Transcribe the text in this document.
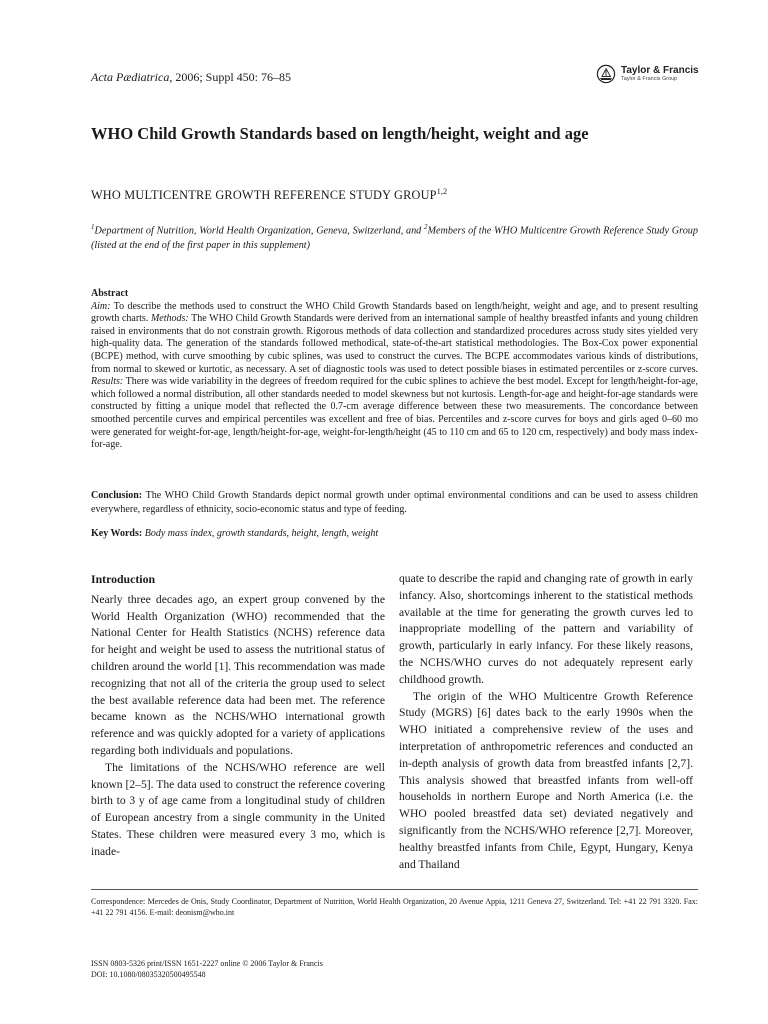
Acta Pædiatrica, 2006; Suppl 450: 76–85	Taylor & Francis
Taylor & Francis Group
WHO Child Growth Standards based on length/height, weight and age
WHO MULTICENTRE GROWTH REFERENCE STUDY GROUP$^{1,2}$
$^1$Department of Nutrition, World Health Organization, Geneva, Switzerland, and $^2$Members of the WHO Multicentre Growth Reference Study Group (listed at the end of the first paper in this supplement)
Abstract
Aim: To describe the methods used to construct the WHO Child Growth Standards based on length/height, weight and age, and to present resulting growth charts. Methods: The WHO Child Growth Standards were derived from an international sample of healthy breastfed infants and young children raised in environments that do not constrain growth. Rigorous methods of data collection and standardized procedures across study sites yielded very high-quality data. The generation of the standards followed methodical, state-of-the-art statistical methodologies. The Box-Cox power exponential (BCPE) method, with curve smoothing by cubic splines, was used to construct the curves. The BCPE accommodates various kinds of distributions, from normal to skewed or kurtotic, as necessary. A set of diagnostic tools was used to detect possible biases in estimated percentiles or z-score curves. Results: There was wide variability in the degrees of freedom required for the cubic splines to achieve the best model. Except for length/height-for-age, which followed a normal distribution, all other standards needed to model skewness but not kurtosis. Length-for-age and height-for-age standards were constructed by fitting a unique model that reflected the 0.7-cm average difference between these two measurements. The concordance between smoothed percentile curves and empirical percentiles was excellent and free of bias. Percentiles and z-score curves for boys and girls aged 0–60 mo were generated for weight-for-age, length/height-for-age, weight-for-length/height (45 to 110 cm and 65 to 120 cm, respectively) and body mass index-for-age.
Conclusion: The WHO Child Growth Standards depict normal growth under optimal environmental conditions and can be used to assess children everywhere, regardless of ethnicity, socio-economic status and type of feeding.
Key Words: Body mass index, growth standards, height, length, weight
Introduction

Nearly three decades ago, an expert group convened by the World Health Organization (WHO) recommended that the National Center for Health Statistics (NCHS) reference data for height and weight be used to assess the nutritional status of children around the world [1]. This recommendation was made recognizing that not all of the criteria the group used to select the best available reference data had been met. The reference became known as the NCHS/WHO international growth reference and was quickly adopted for a variety of applications regarding both individuals and populations.

The limitations of the NCHS/WHO reference are well known [2–5]. The data used to construct the reference covering birth to 3 y of age came from a longitudinal study of children of European ancestry from a single community in the United States. These children were measured every 3 mo, which is inade-

quate to describe the rapid and changing rate of growth in early infancy. Also, shortcomings inherent to the statistical methods available at the time for generating the growth curves led to inappropriate modelling of the pattern and variability of growth, particularly in early infancy. For these likely reasons, the NCHS/WHO curves do not adequately represent early childhood growth.

The origin of the WHO Multicentre Growth Reference Study (MGRS) [6] dates back to the early 1990s when the WHO initiated a comprehensive review of the uses and interpretation of anthropometric references and conducted an in-depth analysis of growth data from breastfed infants [2,7]. This analysis showed that breastfed infants from well-off households in northern Europe and North America (i.e. the WHO pooled breastfed data set) deviated negatively and significantly from the NCHS/WHO reference [2,7]. Moreover, healthy breastfed infants from Chile, Egypt, Hungary, Kenya and Thailand

Correspondence: Mercedes de Onis, Study Coordinator, Department of Nutrition, World Health Organization, 20 Avenue Appia, 1211 Geneva 27, Switzerland. Tel: +41 22 791 3320. Fax: +41 22 791 4156. E-mail: deonism@who.int
ISSN 0803-5326 print/ISSN 1651-2227 online © 2006 Taylor & Francis
DOI: 10.1080/08035320500495548
